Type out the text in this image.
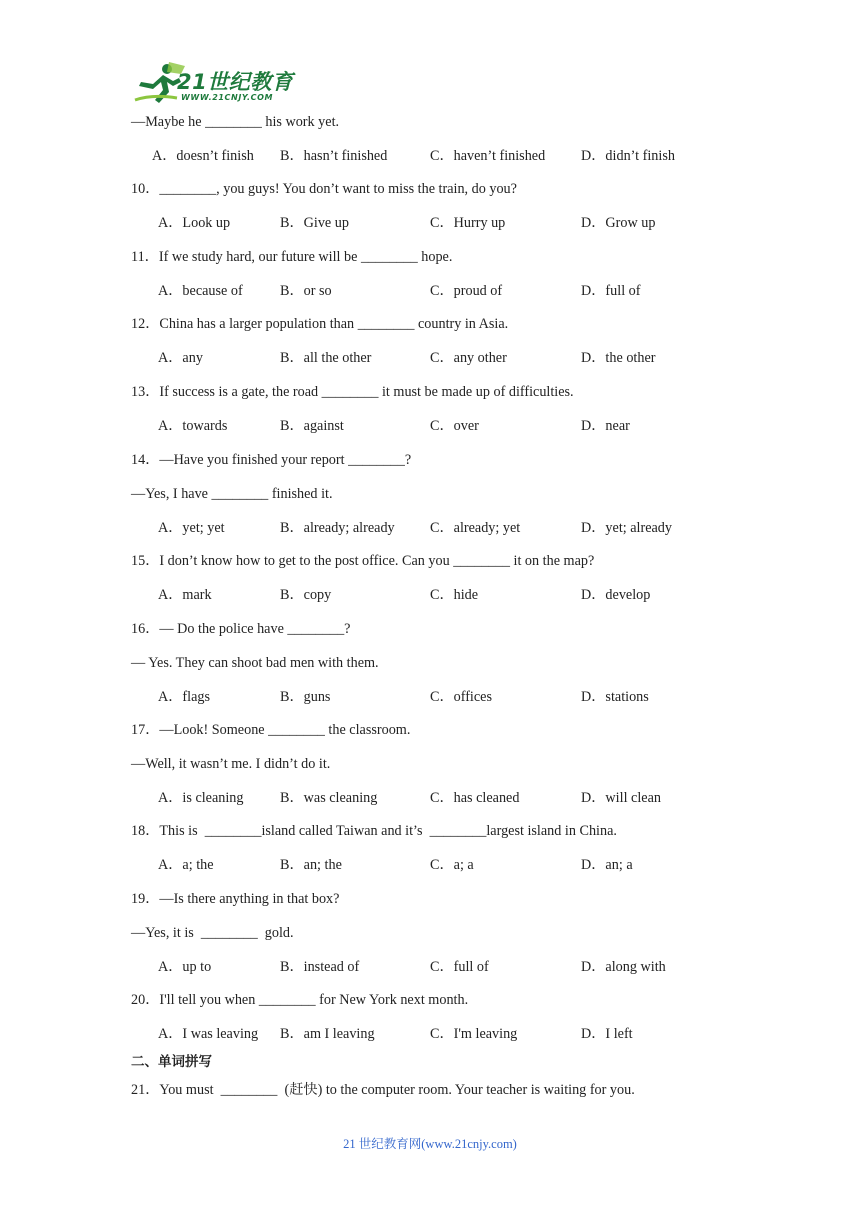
21世纪教育
WWW.21CNJY.COM
—Maybe he ________ his work yet.
A．doesn’t finish B．hasn’t finished	C．haven’t finished	D．didn’t finish
10．________, you guys! You don’t want to miss the train, do you?
A．Look up	B．Give up	C．Hurry up	D．Grow up
11．If we study hard, our future will be ________ hope.
A．because of	B．or so	C．proud of	D．full of
12．China has a larger population than ________ country in Asia.
A．any	B．all the other	C．any other	D．the other
13．If success is a gate, the road ________ it must be made up of difficulties.
A．towards	B．against	C．over	D．near
14．—Have you finished your report ________?
—Yes, I have ________ finished it.
A．yet; yet	B．already; already C．already; yet	D．yet; already
15．I don’t know how to get to the post office. Can you ________ it on the map?
A．mark	B．copy	C．hide	D．develop
16．— Do the police have ________?
— Yes. They can shoot bad men with them.
A．flags	B．guns	C．offices	D．stations
17．—Look! Someone ________ the classroom.
—Well, it wasn’t me. I didn’t do it.
A．is cleaning	B．was cleaning	C．has cleaned	D．will clean
18．This is  ________island called Taiwan and it’s  ________largest island in China.
A．a; the	B．an; the	C．a; a	D．an; a
19．—Is there anything in that box?
—Yes, it is  ________  gold.
A．up to	B．instead of	C．full of	D．along with
20．I'll tell you when ________ for New York next month.
A．I was leaving B．am I leaving	C．I'm leaving	D．I left
二、单词拼写
21．You must  ________  (赶快) to the computer room. Your teacher is waiting for you.
21 世纪教育网(www.21cnjy.com)
